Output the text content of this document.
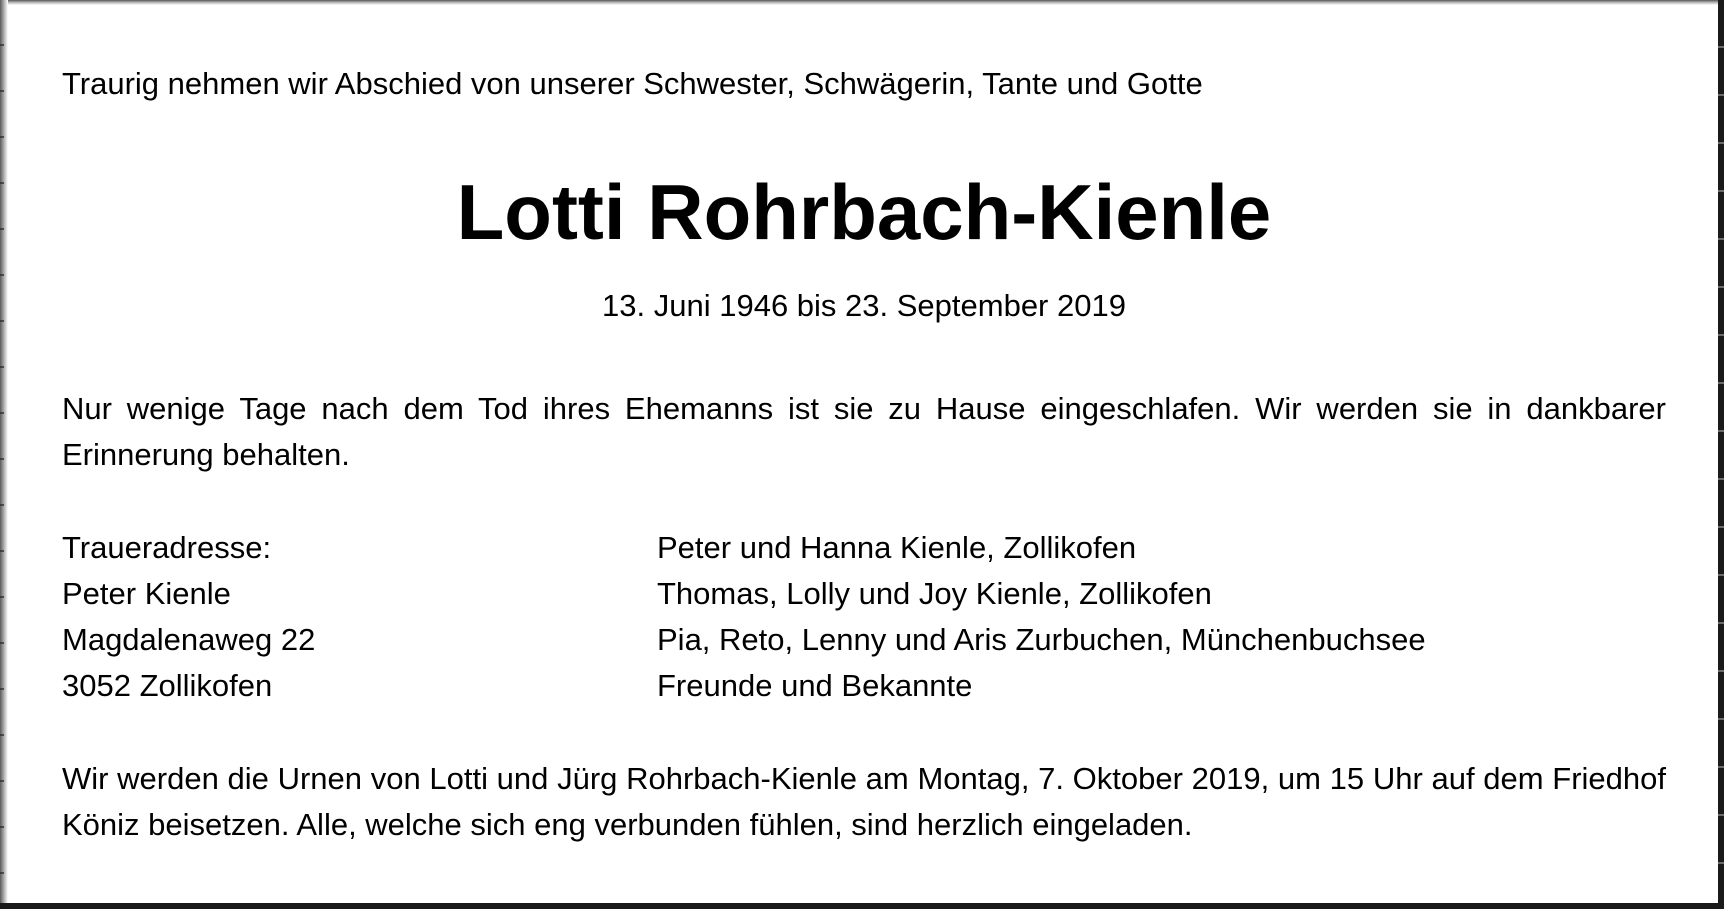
Traurig nehmen wir Abschied von unserer Schwester, Schwägerin, Tante und Gotte
Lotti Rohrbach-Kienle
13. Juni 1946 bis 23. September 2019
Nur wenige Tage nach dem Tod ihres Ehemanns ist sie zu Hause eingeschlafen. Wir werden sie in dankbarer Erinnerung behalten.
Traueradresse:
Peter Kienle
Magdalenaweg 22
3052 Zollikofen
Peter und Hanna Kienle, Zollikofen
Thomas, Lolly und Joy Kienle, Zollikofen
Pia, Reto, Lenny und Aris Zurbuchen, Münchenbuchsee
Freunde und Bekannte
Wir werden die Urnen von Lotti und Jürg Rohrbach-Kienle am Montag, 7. Oktober 2019, um 15 Uhr auf dem Friedhof Köniz beisetzen. Alle, welche sich eng verbunden fühlen, sind herzlich eingeladen.
